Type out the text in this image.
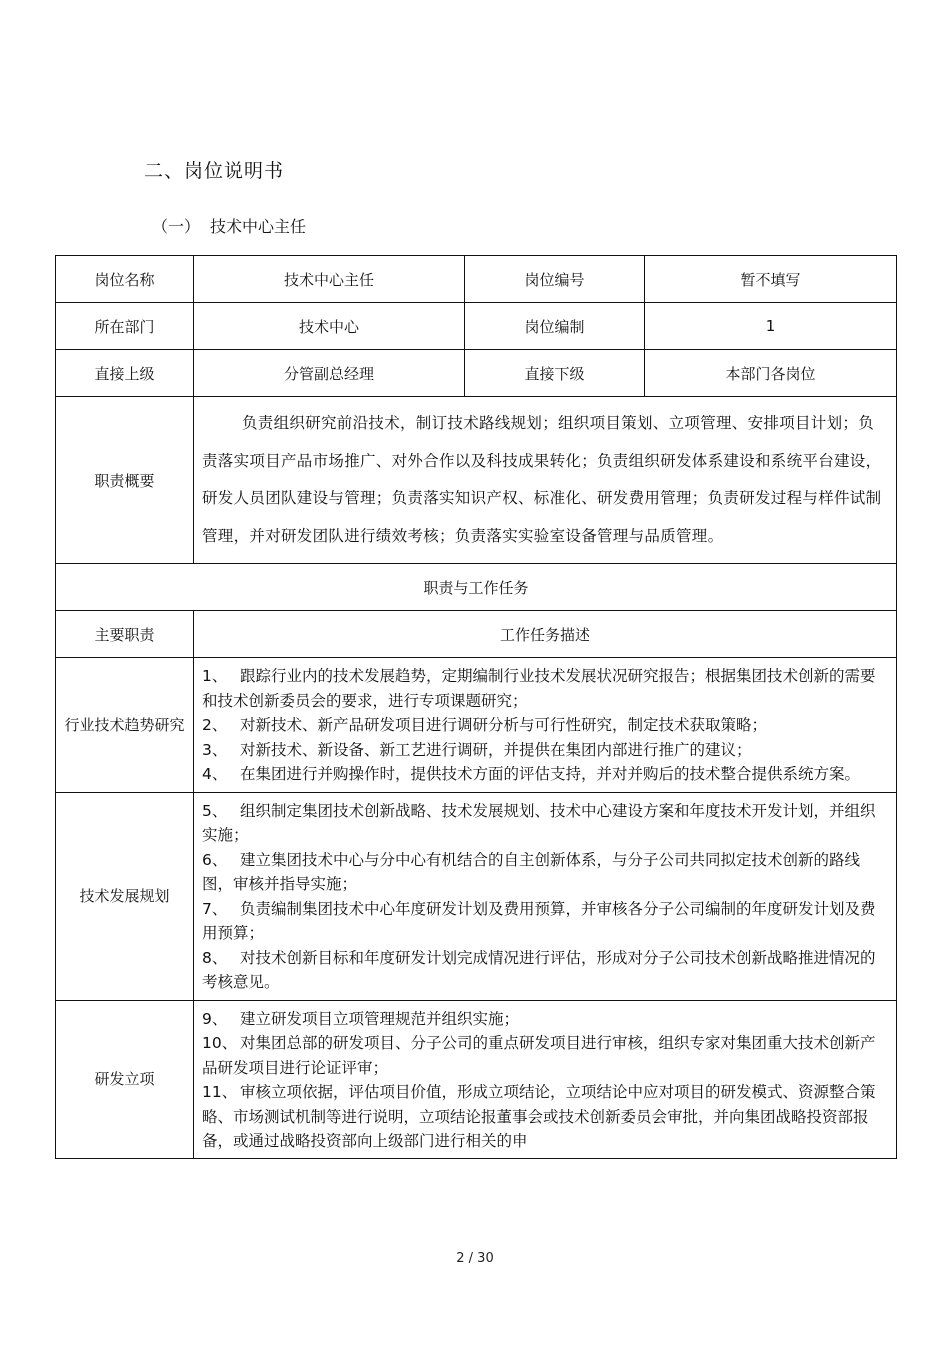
二、岗位说明书
（一） 技术中心主任
岗位名称	技术中心主任	岗位编号	暂不填写
所在部门	技术中心	岗位编制	1
直接上级	分管副总经理	直接下级	本部门各岗位
职责概要	负责组织研究前沿技术，制订技术路线规划；组织项目策划、立项管理、安排项目计划；负责落实项目产品市场推广、对外合作以及科技成果转化；负责组织研发体系建设和系统平台建设，研发人员团队建设与管理；负责落实知识产权、标准化、研发费用管理；负责研发过程与样件试制管理，并对研发团队进行绩效考核；负责落实实验室设备管理与品质管理。		
职责与工作任务			
主要职责	工作任务描述		
行业技术趋势研究	1、 跟踪行业内的技术发展趋势，定期编制行业技术发展状况研究报告；根据集团技术创新的需要和技术创新委员会的要求，进行专项课题研究；
2、 对新技术、新产品研发项目进行调研分析与可行性研究，制定技术获取策略；
3、 对新技术、新设备、新工艺进行调研，并提供在集团内部进行推广的建议；
4、 在集团进行并购操作时，提供技术方面的评估支持，并对并购后的技术整合提供系统方案。		

技术发展规划	5、 组织制定集团技术创新战略、技术发展规划、技术中心建设方案和年度技术开发计划，并组织实施；
6、 建立集团技术中心与分中心有机结合的自主创新体系，与分子公司共同拟定技术创新的路线图，审核并指导实施；
7、 负责编制集团技术中心年度研发计划及费用预算，并审核各分子公司编制的年度研发计划及费用预算；
8、 对技术创新目标和年度研发计划完成情况进行评估，形成对分子公司技术创新战略推进情况的考核意见。		

研发立项	9、 建立研发项目立项管理规范并组织实施；
10、 对集团总部的研发项目、分子公司的重点研发项目进行审核，组织专家对集团重大技术创新产品研发项目进行论证评审；
11、 审核立项依据，评估项目价值，形成立项结论，立项结论中应对项目的研发模式、资源整合策略、市场测试机制等进行说明，立项结论报董事会或技术创新委员会审批，并向集团战略投资部报备，或通过战略投资部向上级部门进行相关的申		
2 / 30
